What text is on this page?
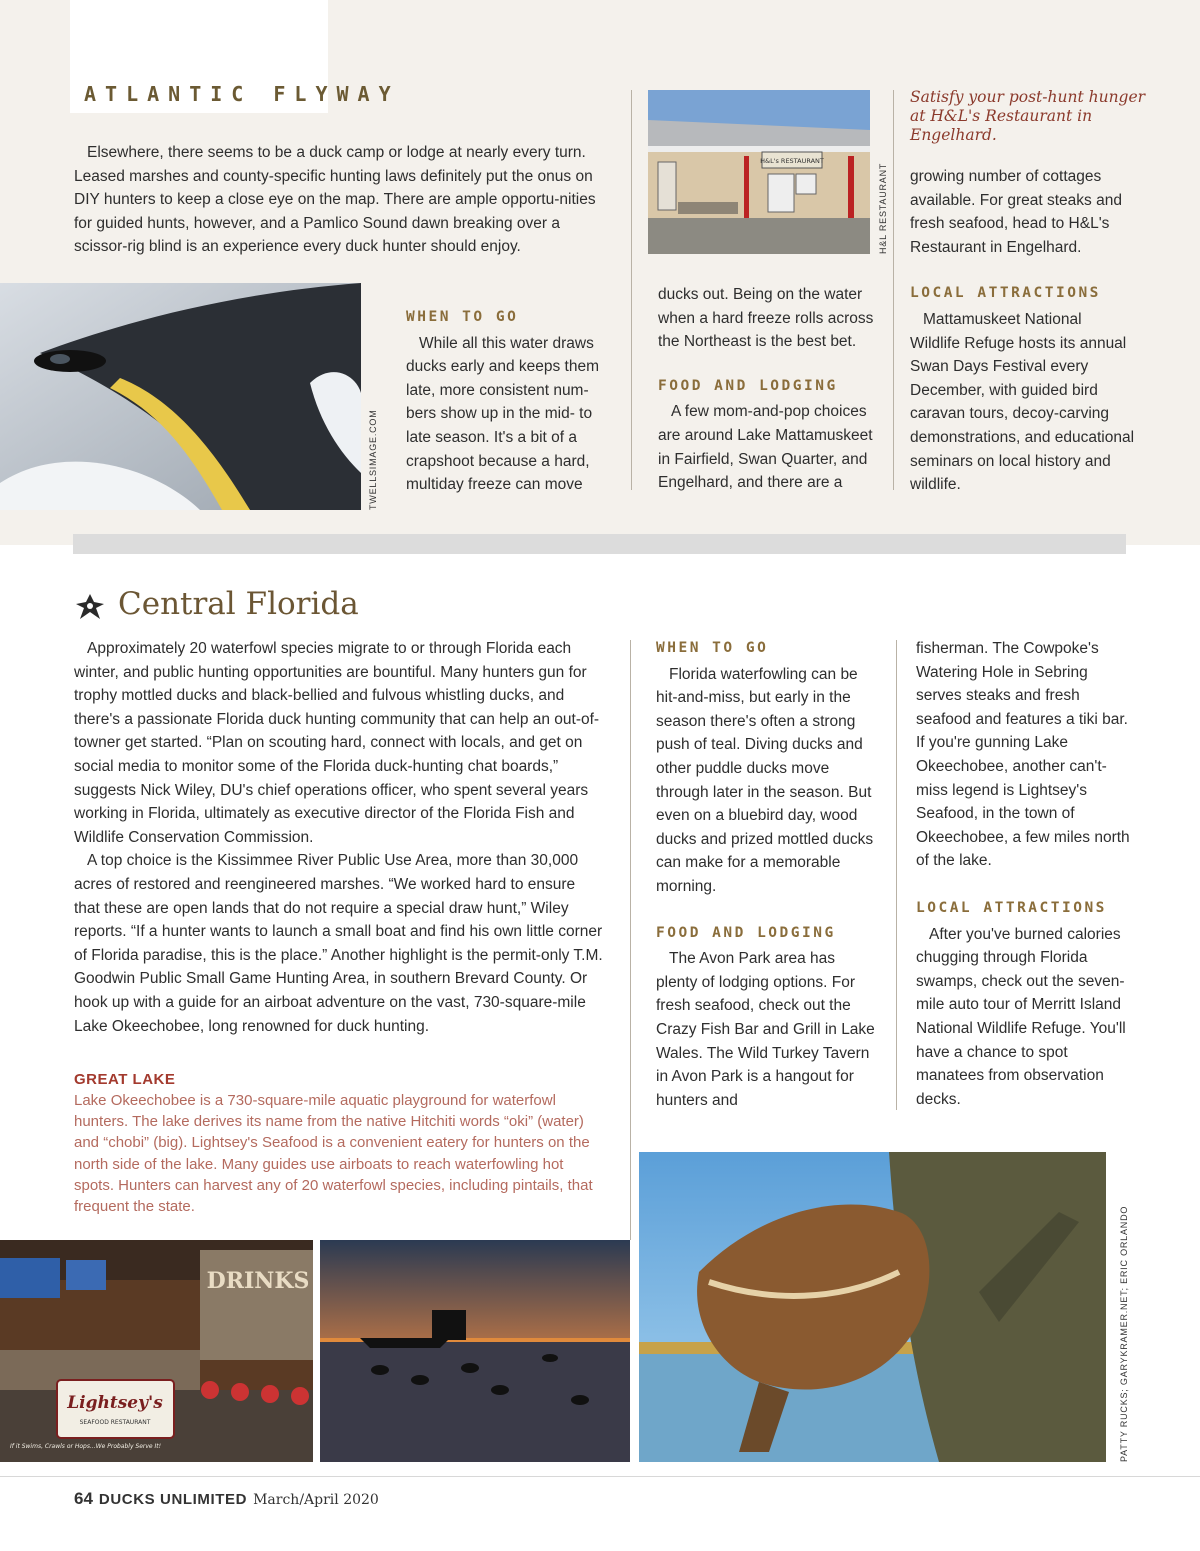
ATLANTIC FLYWAY

Elsewhere, there seems to be a duck camp or lodge at nearly every turn. Leased marshes and county-specific hunting laws definitely put the onus on DIY hunters to keep a close eye on the map. There are ample opportu-nities for guided hunts, however, and a Pamlico Sound dawn breaking over a scissor-rig blind is an experience every duck hunter should enjoy.

TWELLSIMAGE.COM
WHEN TO GO

While all this water draws ducks early and keeps them late, more consistent num-bers show up in the mid- to late season. It's a bit of a crapshoot because a hard, multiday freeze can move

H&L's RESTAURANT
H&L RESTAURANT

ducks out. Being on the water when a hard freeze rolls across the Northeast is the best bet.

FOOD AND LODGING

A few mom-and-pop choices are around Lake Mattamuskeet in Fairfield, Swan Quarter, and Engelhard, and there are a

Satisfy your post-hunt hunger at H&L's Restaurant in Engelhard.

growing number of cottages available. For great steaks and fresh seafood, head to H&L's Restaurant in Engelhard.

LOCAL ATTRACTIONS

Mattamuskeet National Wildlife Refuge hosts its annual Swan Days Festival every December, with guided bird caravan tours, decoy-carving demonstrations, and educational seminars on local history and wildlife.

Central Florida

Approximately 20 waterfowl species migrate to or through Florida each winter, and public hunting opportunities are bountiful. Many hunters gun for trophy mottled ducks and black-bellied and fulvous whistling ducks, and there's a passionate Florida duck hunting community that can help an out-of-towner get started. “Plan on scouting hard, connect with locals, and get on social media to monitor some of the Florida duck-hunting chat boards,” suggests Nick Wiley, DU's chief operations officer, who spent several years working in Florida, ultimately as executive director of the Florida Fish and Wildlife Conservation Commission.

A top choice is the Kissimmee River Public Use Area, more than 30,000 acres of restored and reengineered marshes. “We worked hard to ensure that these are open lands that do not require a special draw hunt,” Wiley reports. “If a hunter wants to launch a small boat and find his own little corner of Florida paradise, this is the place.” Another highlight is the permit-only T.M. Goodwin Public Small Game Hunting Area, in southern Brevard County. Or hook up with a guide for an airboat adventure on the vast, 730-square-mile Lake Okeechobee, long renowned for duck hunting.

GREAT LAKE
Lake Okeechobee is a 730-square-mile aquatic playground for waterfowl hunters. The lake derives its name from the native Hitchiti words “oki” (water) and “chobi” (big). Lightsey's Seafood is a convenient eatery for hunters on the north side of the lake. Many guides use airboats to reach waterfowling hot spots. Hunters can harvest any of 20 waterfowl species, including pintails, that frequent the state.
WHEN TO GO

Florida waterfowling can be hit-and-miss, but early in the season there's often a strong push of teal. Diving ducks and other puddle ducks move through later in the season. But even on a bluebird day, wood ducks and prized mottled ducks can make for a memorable morning.

FOOD AND LODGING

The Avon Park area has plenty of lodging options. For fresh seafood, check out the Crazy Fish Bar and Grill in Lake Wales. The Wild Turkey Tavern in Avon Park is a hangout for hunters and

fisherman. The Cowpoke's Watering Hole in Sebring serves steaks and fresh seafood and features a tiki bar. If you're gunning Lake Okeechobee, another can't-miss legend is Lightsey's Seafood, in the town of Okeechobee, a few miles north of the lake.

LOCAL ATTRACTIONS

After you've burned calories chugging through Florida swamps, check out the seven-mile auto tour of Merritt Island National Wildlife Refuge. You'll have a chance to spot manatees from observation decks.

DRINKS
Lightsey's
SEAFOOD RESTAURANT
If it Swims, Crawls or Hops...We Probably Serve It!	PATTY RUCKS; GARYKRAMER.NET; ERIC ORLANDO
64 DUCKS UNLIMITED March/April 2020
